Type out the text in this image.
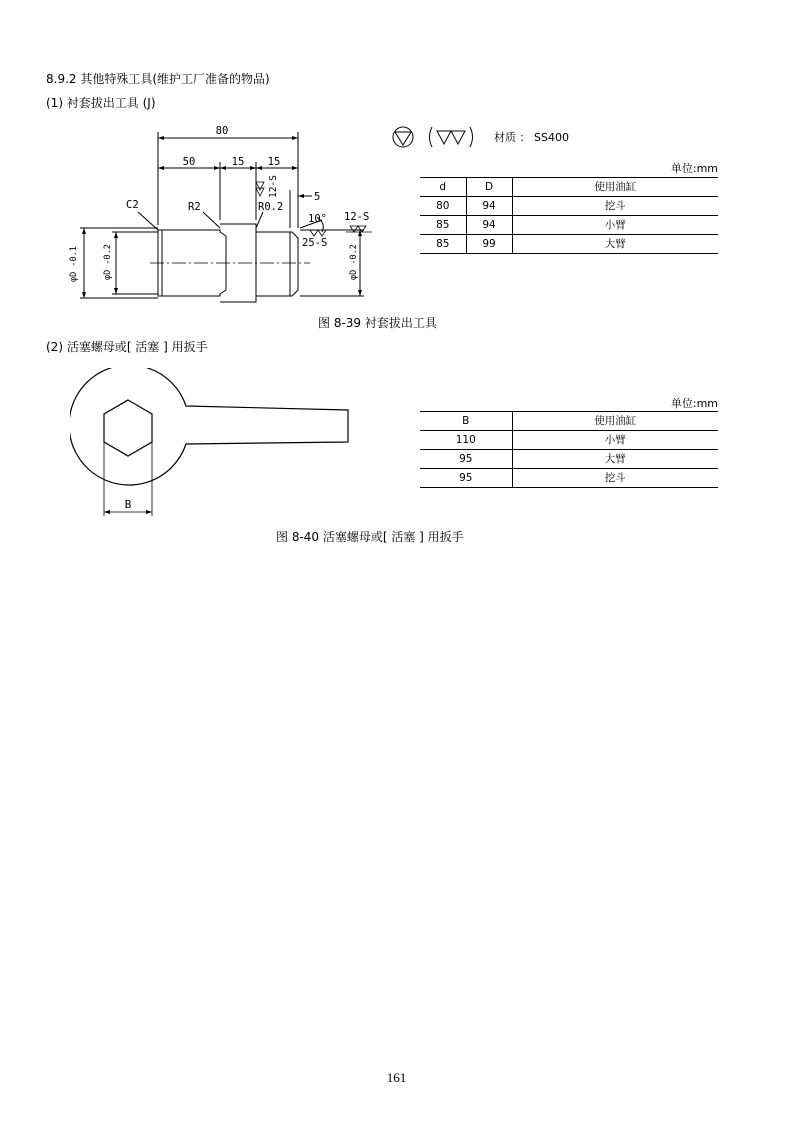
8.9.2 其他特殊工具(维护工厂准备的物品)
(1) 衬套拔出工具 (J)
80
50	15 15
5
C2	R2	R0.2
10° 12-S
25-S
12-S
φD -0.1	φD -0.2	φD -0.2
材质 ： SS400
单位:mm
d	D	使用油缸
80	94	挖斗
85	94	小臂
85	99	大臂
图 8-39 衬套拔出工具
(2) 活塞螺母或[ 活塞 ] 用扳手
B
单位:mm
B	使用油缸
110	小臂
95	大臂
95	挖斗
图 8-40 活塞螺母或[ 活塞 ] 用扳手
161
